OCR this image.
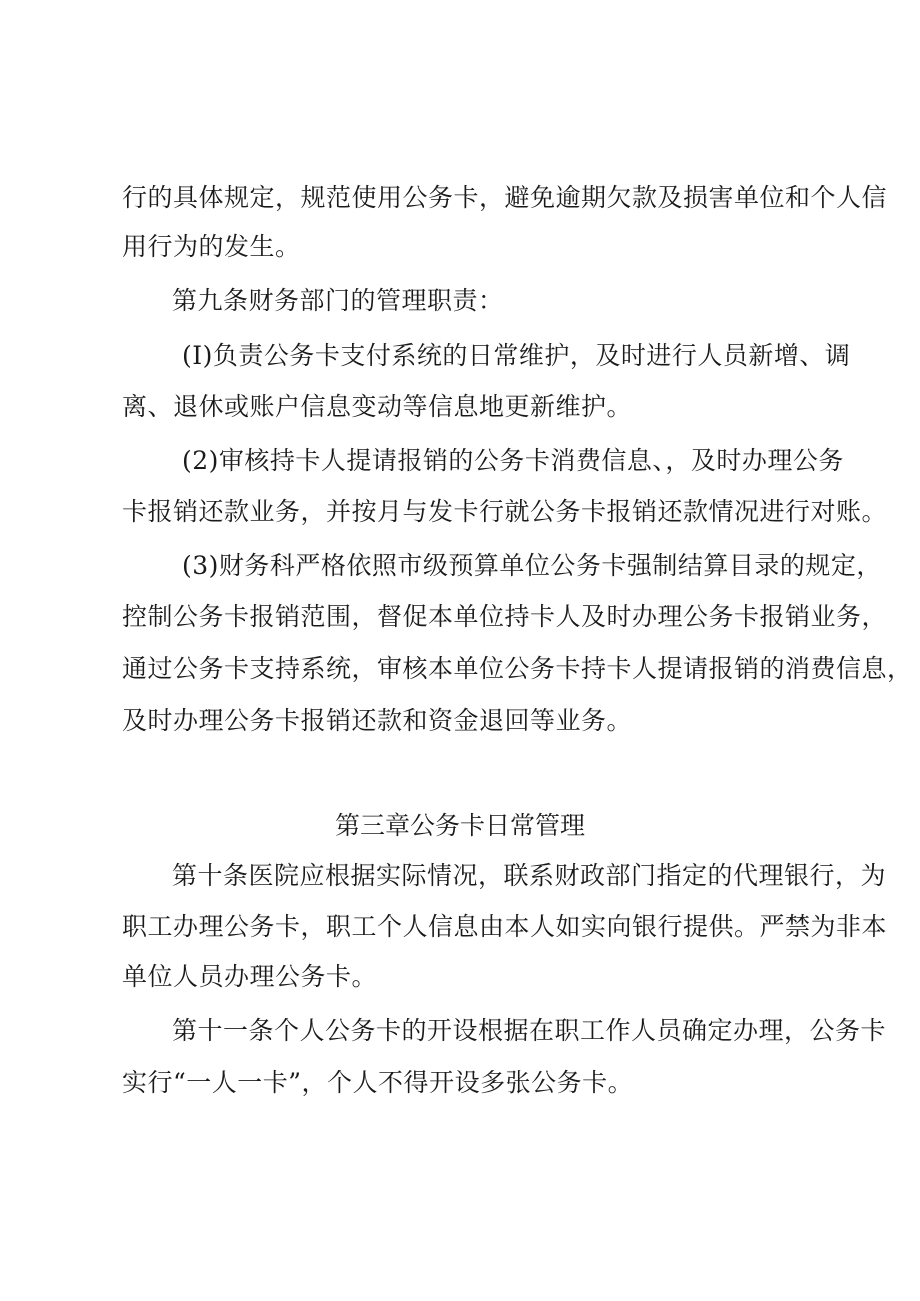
行的具体规定，规范使用公务卡，避免逾期欠款及损害单位和个人信
用行为的发生。
第九条财务部门的管理职责：
(I)负责公务卡支付系统的日常维护，及时进行人员新增、调
离、退休或账户信息变动等信息地更新维护。
(2)审核持卡人提请报销的公务卡消费信息、，及时办理公务
卡报销还款业务，并按月与发卡行就公务卡报销还款情况进行对账。
(3)财务科严格依照市级预算单位公务卡强制结算目录的规定，
控制公务卡报销范围，督促本单位持卡人及时办理公务卡报销业务，
通过公务卡支持系统，审核本单位公务卡持卡人提请报销的消费信息，
及时办理公务卡报销还款和资金退回等业务。
第三章公务卡日常管理
第十条医院应根据实际情况，联系财政部门指定的代理银行，为
职工办理公务卡，职工个人信息由本人如实向银行提供。严禁为非本
单位人员办理公务卡。
第十一条个人公务卡的开设根据在职工作人员确定办理，公务卡
实行“一人一卡”，个人不得开设多张公务卡。
